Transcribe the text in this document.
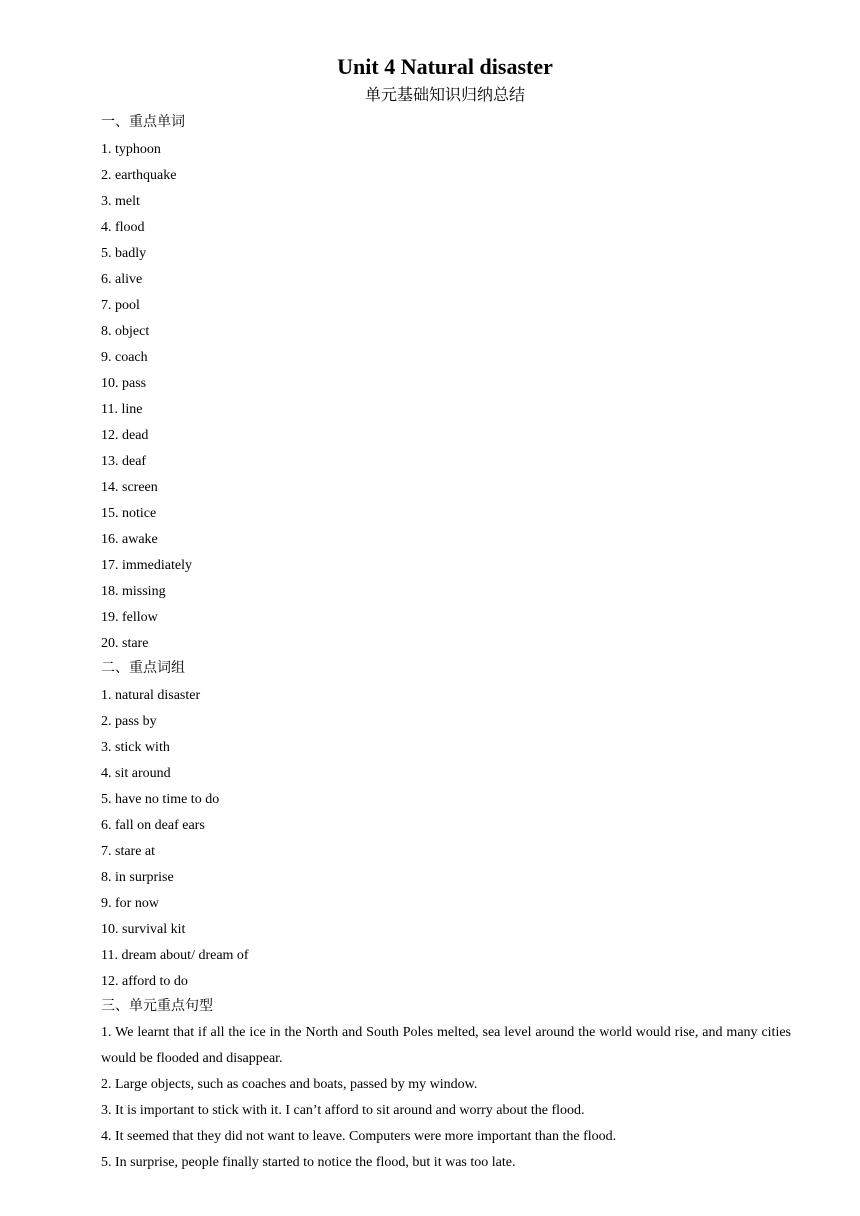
Unit 4 Natural disaster
单元基础知识归纳总结
一、重点单词
1. typhoon
2. earthquake
3. melt
4. flood
5. badly
6. alive
7. pool
8. object
9. coach
10. pass
11. line
12. dead
13. deaf
14. screen
15. notice
16. awake
17. immediately
18. missing
19. fellow
20. stare
二、重点词组
1. natural disaster
2. pass by
3. stick with
4. sit around
5. have no time to do
6. fall on deaf ears
7. stare at
8. in surprise
9. for now
10. survival kit
11. dream about/ dream of
12. afford to do
三、单元重点句型
1. We learnt that if all the ice in the North and South Poles melted, sea level around the world would rise, and many cities would be flooded and disappear.
2. Large objects, such as coaches and boats, passed by my window.
3. It is important to stick with it. I can’t afford to sit around and worry about the flood.
4. It seemed that they did not want to leave. Computers were more important than the flood.
5. In surprise, people finally started to notice the flood, but it was too late.
